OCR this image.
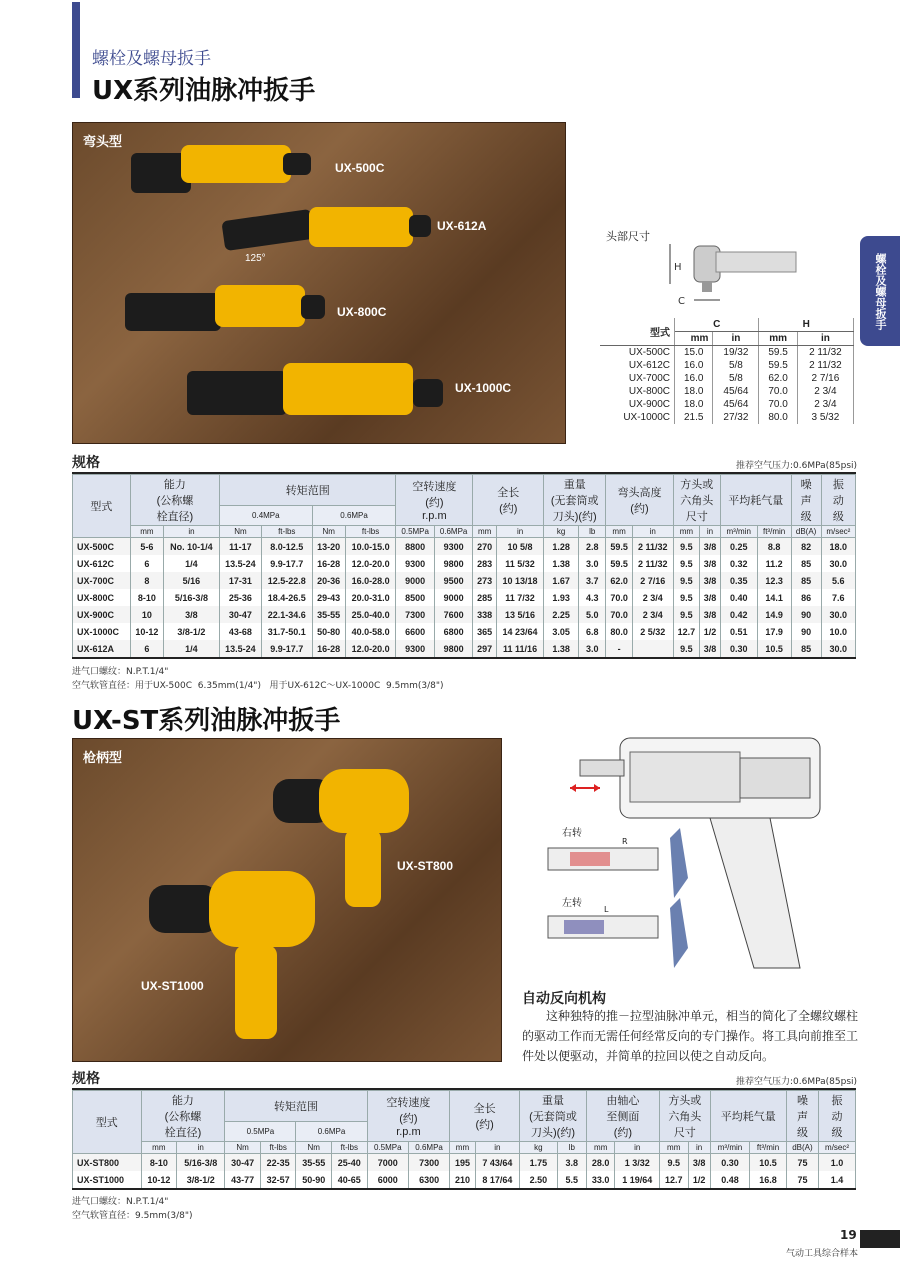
螺栓及螺母扳手
UX系列油脉冲扳手
螺栓及螺母扳手
弯头型
UX-500C
UX-612A
125°
UX-800C
UX-1000C
头部尺寸
H
C
型式	C		H	
	mm	in	mm	in
UX-500C	15.0	19/32	59.5	2 11/32
UX-612C	16.0	5/8	59.5	2 11/32
UX-700C	16.0	5/8	62.0	2 7/16
UX-800C	18.0	45/64	70.0	2 3/4
UX-900C	18.0	45/64	70.0	2 3/4
UX-1000C	21.5	27/32	80.0	3 5/32
规格	推荐空气压力:0.6MPa(85psi)
型式	能力
(公称螺
栓直径)		转矩范围				空转速度
(约)
r.p.m		全长
(约)		重量
(无套筒或
刀头)(约)		弯头高度
(约)		方头或
六角头
尺寸		平均耗气量		噪
声
级	振
动
级
			0.4MPa		0.6MPa															
	mm	in	Nm	ft-lbs	Nm	ft-lbs	0.5MPa	0.6MPa	mm	in	kg	lb	mm	in	mm	in	m³/min	ft³/min	dB(A)	m/sec²
UX-500C	5-6	No. 10-1/4	11-17	8.0-12.5	13-20	10.0-15.0	8800	9300	270	10 5/8	1.28	2.8	59.5	2 11/32	9.5	3/8	0.25	8.8	82	18.0
UX-612C	6	1/4	13.5-24	9.9-17.7	16-28	12.0-20.0	9300	9800	283	11 5/32	1.38	3.0	59.5	2 11/32	9.5	3/8	0.32	11.2	85	30.0
UX-700C	8	5/16	17-31	12.5-22.8	20-36	16.0-28.0	9000	9500	273	10 13/18	1.67	3.7	62.0	2 7/16	9.5	3/8	0.35	12.3	85	5.6
UX-800C	8-10	5/16-3/8	25-36	18.4-26.5	29-43	20.0-31.0	8500	9000	285	11 7/32	1.93	4.3	70.0	2 3/4	9.5	3/8	0.40	14.1	86	7.6
UX-900C	10	3/8	30-47	22.1-34.6	35-55	25.0-40.0	7300	7600	338	13 5/16	2.25	5.0	70.0	2 3/4	9.5	3/8	0.42	14.9	90	30.0
UX-1000C	10-12	3/8-1/2	43-68	31.7-50.1	50-80	40.0-58.0	6600	6800	365	14 23/64	3.05	6.8	80.0	2 5/32	12.7	1/2	0.51	17.9	90	10.0
UX-612A	6	1/4	13.5-24	9.9-17.7	16-28	12.0-20.0	9300	9800	297	11 11/16	1.38	3.0	-		9.5	3/8	0.30	10.5	85	30.0
进气口螺纹：N.P.T.1/4"
空气软管直径：用于UX-500C  6.35mm(1/4")   用于UX-612C～UX-1000C  9.5mm(3/8")
UX-ST系列油脉冲扳手
枪柄型
UX-ST800
UX-ST1000
右转
R
左转
L
自动反向机构
这种独特的推－拉型油脉冲单元，相当的简化了全螺纹螺柱的驱动工作而无需任何经常反向的专门操作。将工具向前推至工件处以便驱动，并简单的拉回以使之自动反向。
规格	推荐空气压力:0.6MPa(85psi)
型式	能力
(公称螺
栓直径)		转矩范围				空转速度
(约)
r.p.m		全长
(约)		重量
(无套筒或
刀头)(约)		由轴心
至侧面
(约)		方头或
六角头
尺寸		平均耗气量		噪
声
级	振
动
级
			0.5MPa		0.6MPa															
	mm	in	Nm	ft-lbs	Nm	ft-lbs	0.5MPa	0.6MPa	mm	in	kg	lb	mm	in	mm	in	m³/min	ft³/min	dB(A)	m/sec²
UX-ST800	8-10	5/16-3/8	30-47	22-35	35-55	25-40	7000	7300	195	7 43/64	1.75	3.8	28.0	1 3/32	9.5	3/8	0.30	10.5	75	1.0
UX-ST1000	10-12	3/8-1/2	43-77	32-57	50-90	40-65	6000	6300	210	8 17/64	2.50	5.5	33.0	1 19/64	12.7	1/2	0.48	16.8	75	1.4
进气口螺纹：N.P.T.1/4"
空气软管直径：9.5mm(3/8")
19
气动工具综合样本
